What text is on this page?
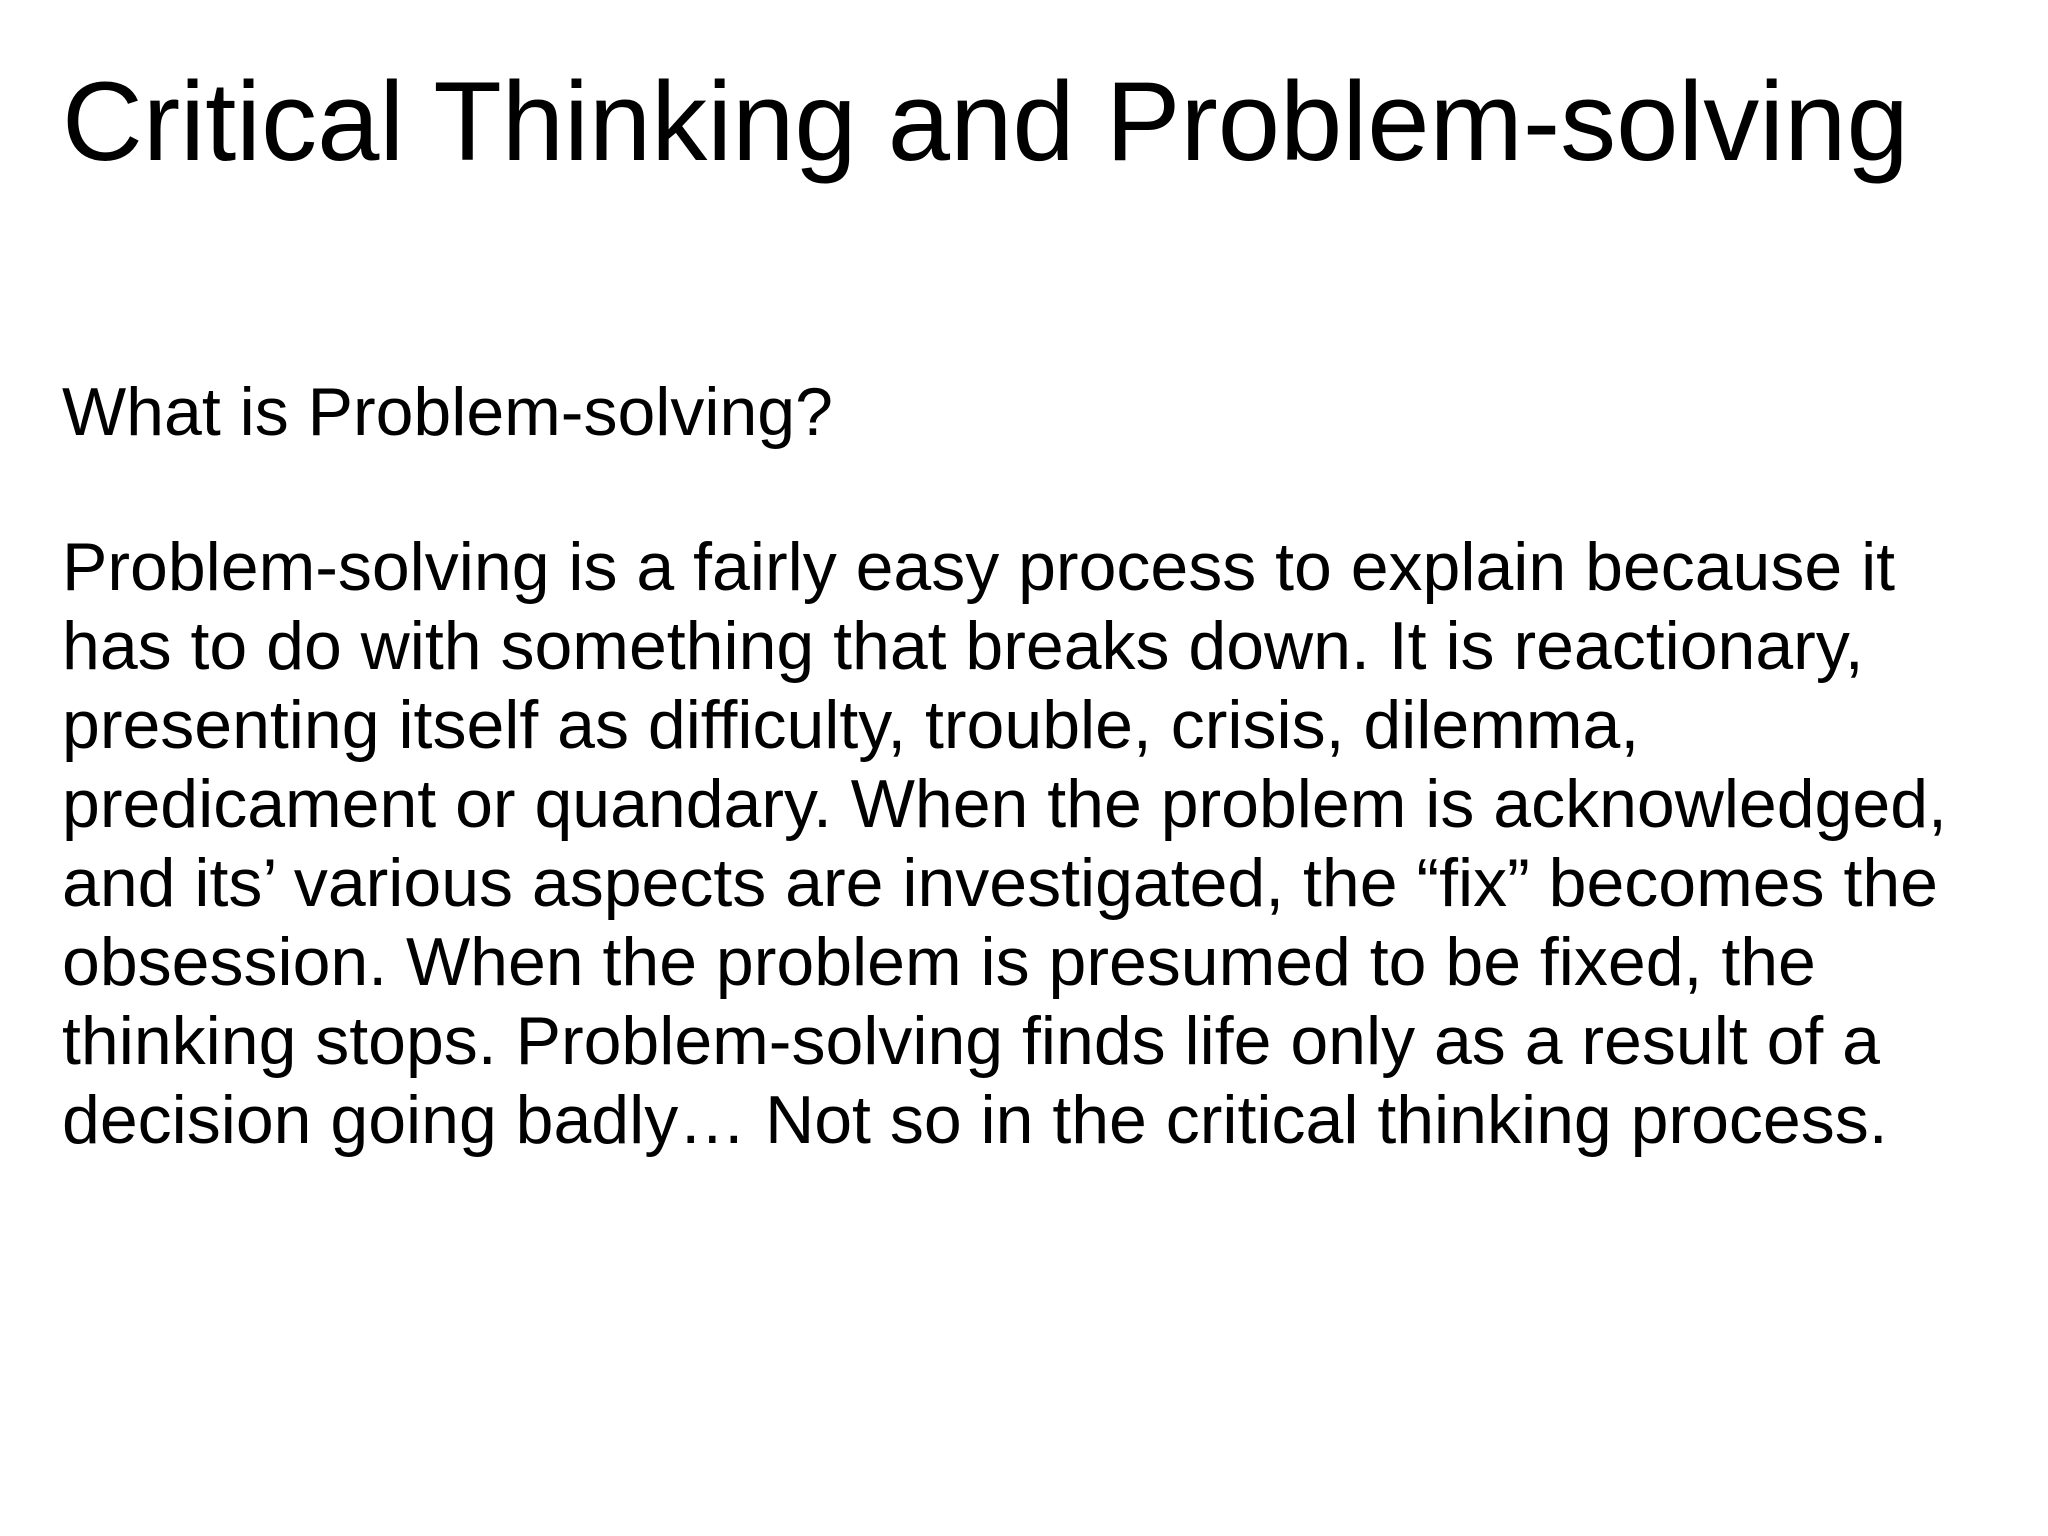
Critical Thinking and Problem-solving

What is Problem-solving?

Problem-solving is a fairly easy process to explain because it
has to do with something that breaks down. It is reactionary,
presenting itself as difficulty, trouble, crisis, dilemma,
predicament or quandary. When the problem is acknowledged,
and its’ various aspects are investigated, the “fix” becomes the
obsession. When the problem is presumed to be fixed, the
thinking stops. Problem-solving finds life only as a result of a
decision going badly… Not so in the critical thinking process.
